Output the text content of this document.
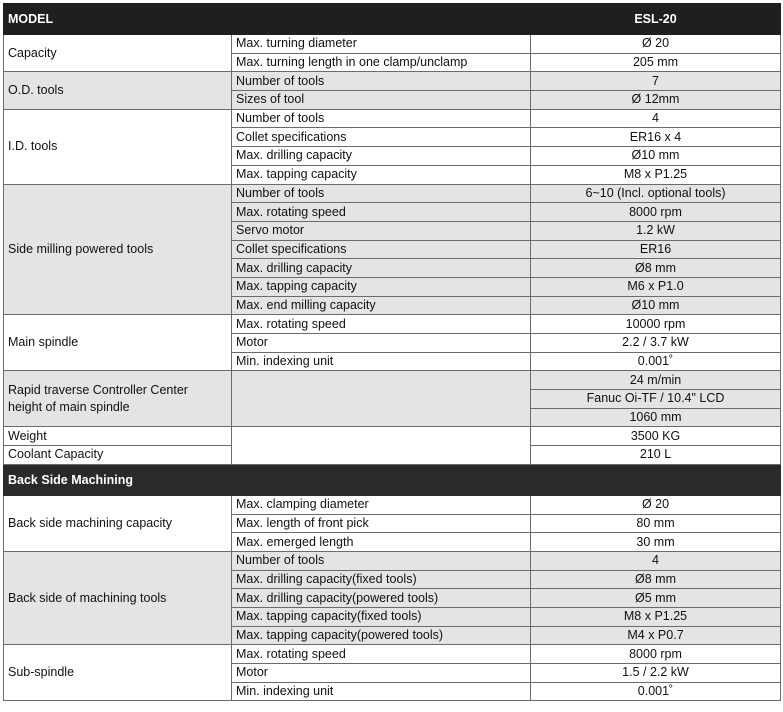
MODEL		ESL-20
Capacity	Max. turning diameter	Ø 20
	Max. turning length in one clamp/unclamp	205 mm
O.D. tools	Number of tools	7
	Sizes of tool	Ø 12mm
I.D. tools	Number of tools	4
	Collet specifications	ER16 x 4
	Max. drilling capacity	Ø10 mm
	Max. tapping capacity	M8 x P1.25
Side milling powered tools	Number of tools	6~10 (Incl. optional tools)
	Max. rotating speed	8000 rpm
	Servo motor	1.2 kW
	Collet specifications	ER16
	Max. drilling capacity	Ø8 mm
	Max. tapping capacity	M6 x P1.0
	Max. end milling capacity	Ø10 mm
Main spindle	Max. rotating speed	10000 rpm
	Motor	2.2 / 3.7 kW
	Min. indexing unit	0.001˚
Rapid traverse Controller Center
height of main spindle		24 m/min
		Fanuc Oi-TF / 10.4" LCD
		1060 mm
Weight		3500 KG
Coolant Capacity		210 L
Back Side Machining		
Back side machining capacity	Max. clamping diameter	Ø 20
	Max. length of front pick	80 mm
	Max. emerged length	30 mm
Back side of machining tools	Number of tools	4
	Max. drilling capacity(fixed tools)	Ø8 mm
	Max. drilling capacity(powered tools)	Ø5 mm
	Max. tapping capacity(fixed tools)	M8 x P1.25
	Max. tapping capacity(powered tools)	M4 x P0.7
Sub-spindle	Max. rotating speed	8000 rpm
	Motor	1.5 / 2.2 kW
	Min. indexing unit	0.001˚
